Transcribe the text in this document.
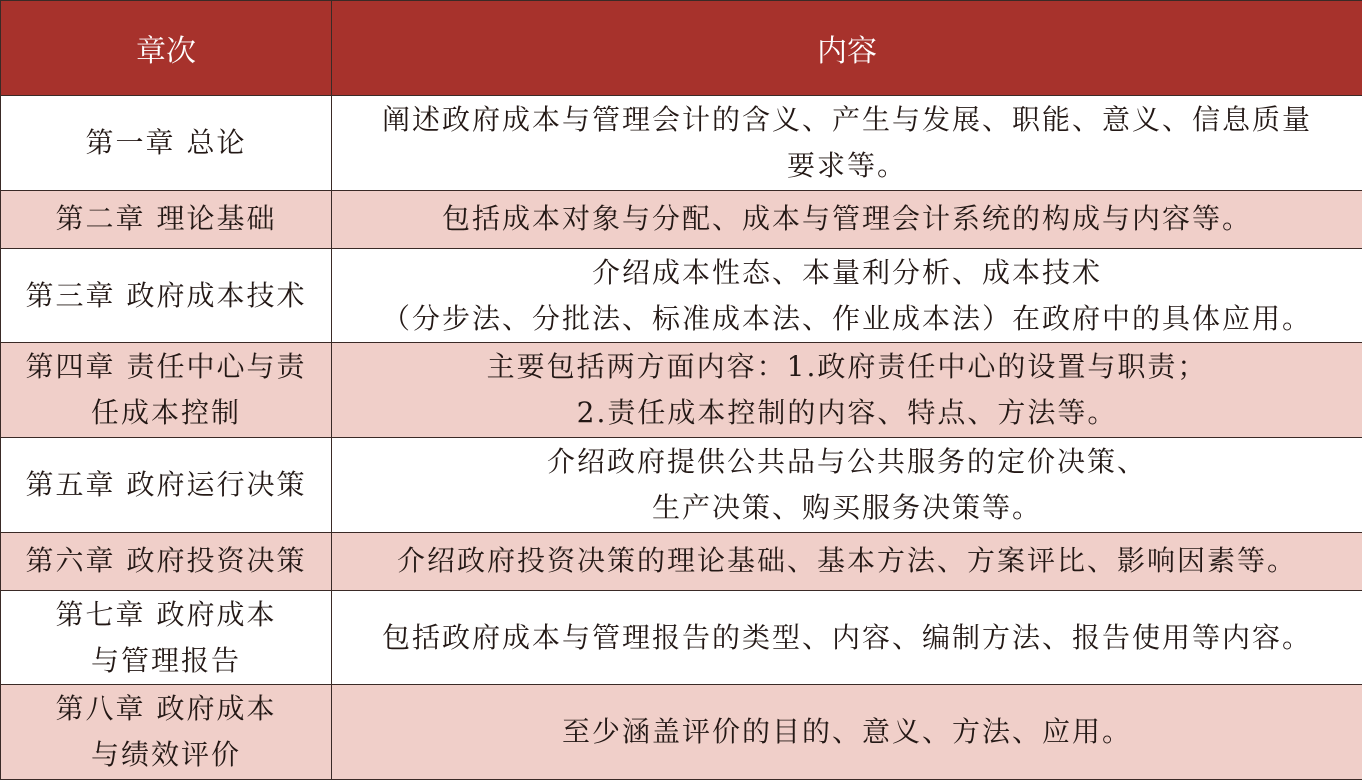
章次	内容

第一章 总论	阐述政府成本与管理会计的含义、产生与发展、职能、意义、信息质量
要求等。

第二章 理论基础	包括成本对象与分配、成本与管理会计系统的构成与内容等。

第三章 政府成本技术	介绍成本性态、本量利分析、成本技术
（分步法、分批法、标准成本法、作业成本法）在政府中的具体应用。

第四章 责任中心与责
任成本控制	主要包括两方面内容：1.政府责任中心的设置与职责；
2.责任成本控制的内容、特点、方法等。

第五章 政府运行决策	介绍政府提供公共品与公共服务的定价决策、
生产决策、购买服务决策等。

第六章 政府投资决策	介绍政府投资决策的理论基础、基本方法、方案评比、影响因素等。

第七章 政府成本
与管理报告	包括政府成本与管理报告的类型、内容、编制方法、报告使用等内容。

第八章 政府成本
与绩效评价	至少涵盖评价的目的、意义、方法、应用。
